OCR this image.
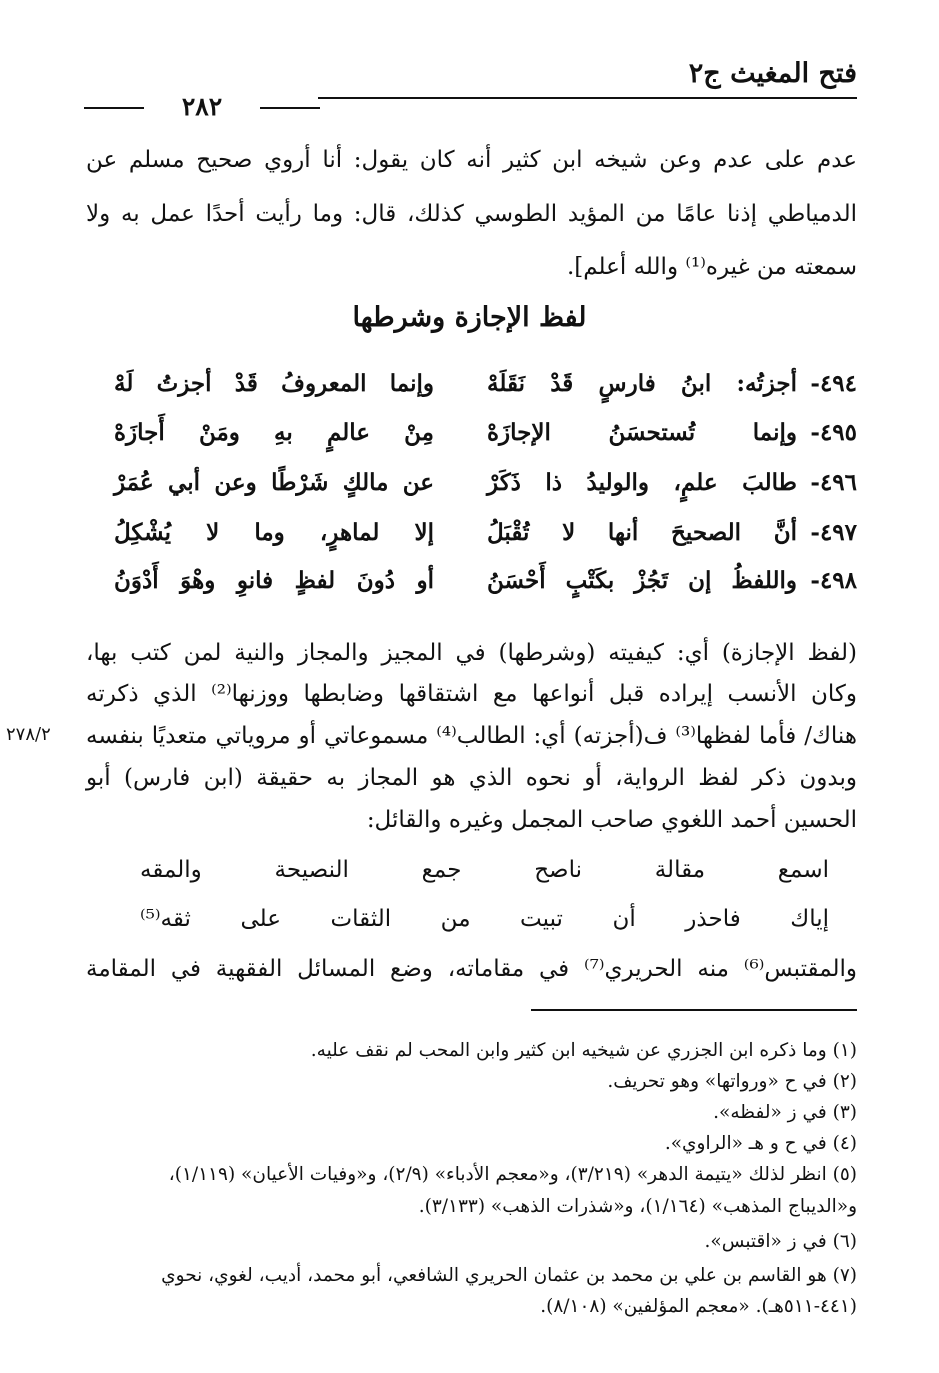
فتح المغيث ج٢
٢٨٢
عدم على عدم وعن شيخه ابن كثير أنه كان يقول: أنا أروي صحيح مسلم عن
الدمياطي إذنا عامًا من المؤيد الطوسي كذلك، قال: وما رأيت أحدًا عمل به ولا
سمعته من غيره⁽¹⁾ والله أعلم].
لفظ الإجازة وشرطها
٤٩٤-
أجزتُه: ابنُ فارسٍ قَدْ نَقَلَهْ
وإنما المعروفُ قَدْ أجزتُ لَهْ
٤٩٥-
وإنما تُستحسَنُ الإجازَهْ
مِنْ عالمٍ بهِ ومَنْ أَجازَهْ
٤٩٦-
طالبَ علمٍ، والوليدُ ذا ذَكَرْ
عن مالكٍ شَرْطًا وعن أبي عُمَرْ
٤٩٧-
أنَّ الصحيحَ أنها لا تُقْبَلُ
إلا لماهرٍ، وما لا يُشْكِلُ
٤٩٨-
واللفظُ إن تَجُزْ بكَتْبٍ أَحْسَنُ
أو دُونَ لفظٍ فانوِ وهْوَ أَدْوَنُ
(لفظ الإجازة) أي: كيفيته (وشرطها) في المجيز والمجاز والنية لمن كتب بها،
وكان الأنسب إيراده قبل أنواعها مع اشتقاقها وضابطها ووزنها⁽²⁾ الذي ذكرته
هناك/ فأما لفظها⁽³⁾ ف(أجزته) أي: الطالب⁽⁴⁾ مسموعاتي أو مروياتي متعديًا بنفسه
٢٧٨/٢
وبدون ذكر لفظ الرواية، أو نحوه الذي هو المجاز به حقيقة (ابن فارس) أبو
الحسين أحمد اللغوي صاحب المجمل وغيره والقائل:
اسمع مقالة ناصح جمع النصيحة والمقه
إياك فاحذر أن تبيت من الثقات على ثقه⁽⁵⁾
والمقتبس⁽⁶⁾ منه الحريري⁽⁷⁾ في مقاماته، وضع المسائل الفقهية في المقامة
(١) وما ذكره ابن الجزري عن شيخيه ابن كثير وابن المحب لم نقف عليه.
(٢) في ح «ورواتها» وهو تحريف.
(٣) في ز «لفظه».
(٤) في ح و هـ «الراوي».
(٥) انظر لذلك «يتيمة الدهر» (٣/٢١٩)، و«معجم الأدباء» (٢/٩)، و«وفيات الأعيان» (١/١١٩)،
و«الديباج المذهب» (١/١٦٤)، و«شذرات الذهب» (٣/١٣٣).
(٦) في ز «اقتبس».
(٧) هو القاسم بن علي بن محمد بن عثمان الحريري الشافعي، أبو محمد، أديب، لغوي، نحوي
(٤٤١-٥١١هـ). «معجم المؤلفين» (٨/١٠٨).
